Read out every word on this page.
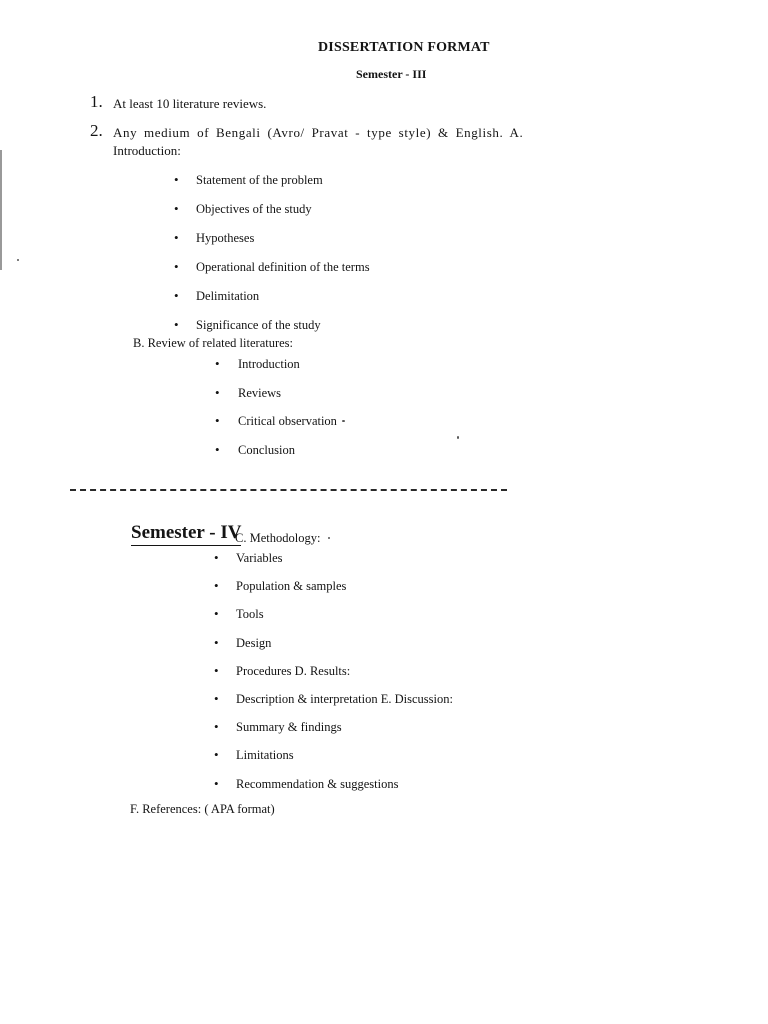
DISSERTATION FORMAT
Semester - III
1. At least 10 literature reviews.
2. Any medium of Bengali (Avro/ Pravat - type style) & English. A.
Introduction:
• Statement of the problem
• Objectives of the study
• Hypotheses
• Operational definition of the terms
• Delimitation
• Significance of the study
B. Review of related literatures:
• Introduction
• Reviews
• Critical observation
• Conclusion
Semester - IV
C. Methodology:
• Variables
• Population & samples
• Tools
• Design
• Procedures D. Results:
• Description & interpretation E. Discussion:
• Summary & findings
• Limitations
• Recommendation & suggestions
F. References: ( APA format)
